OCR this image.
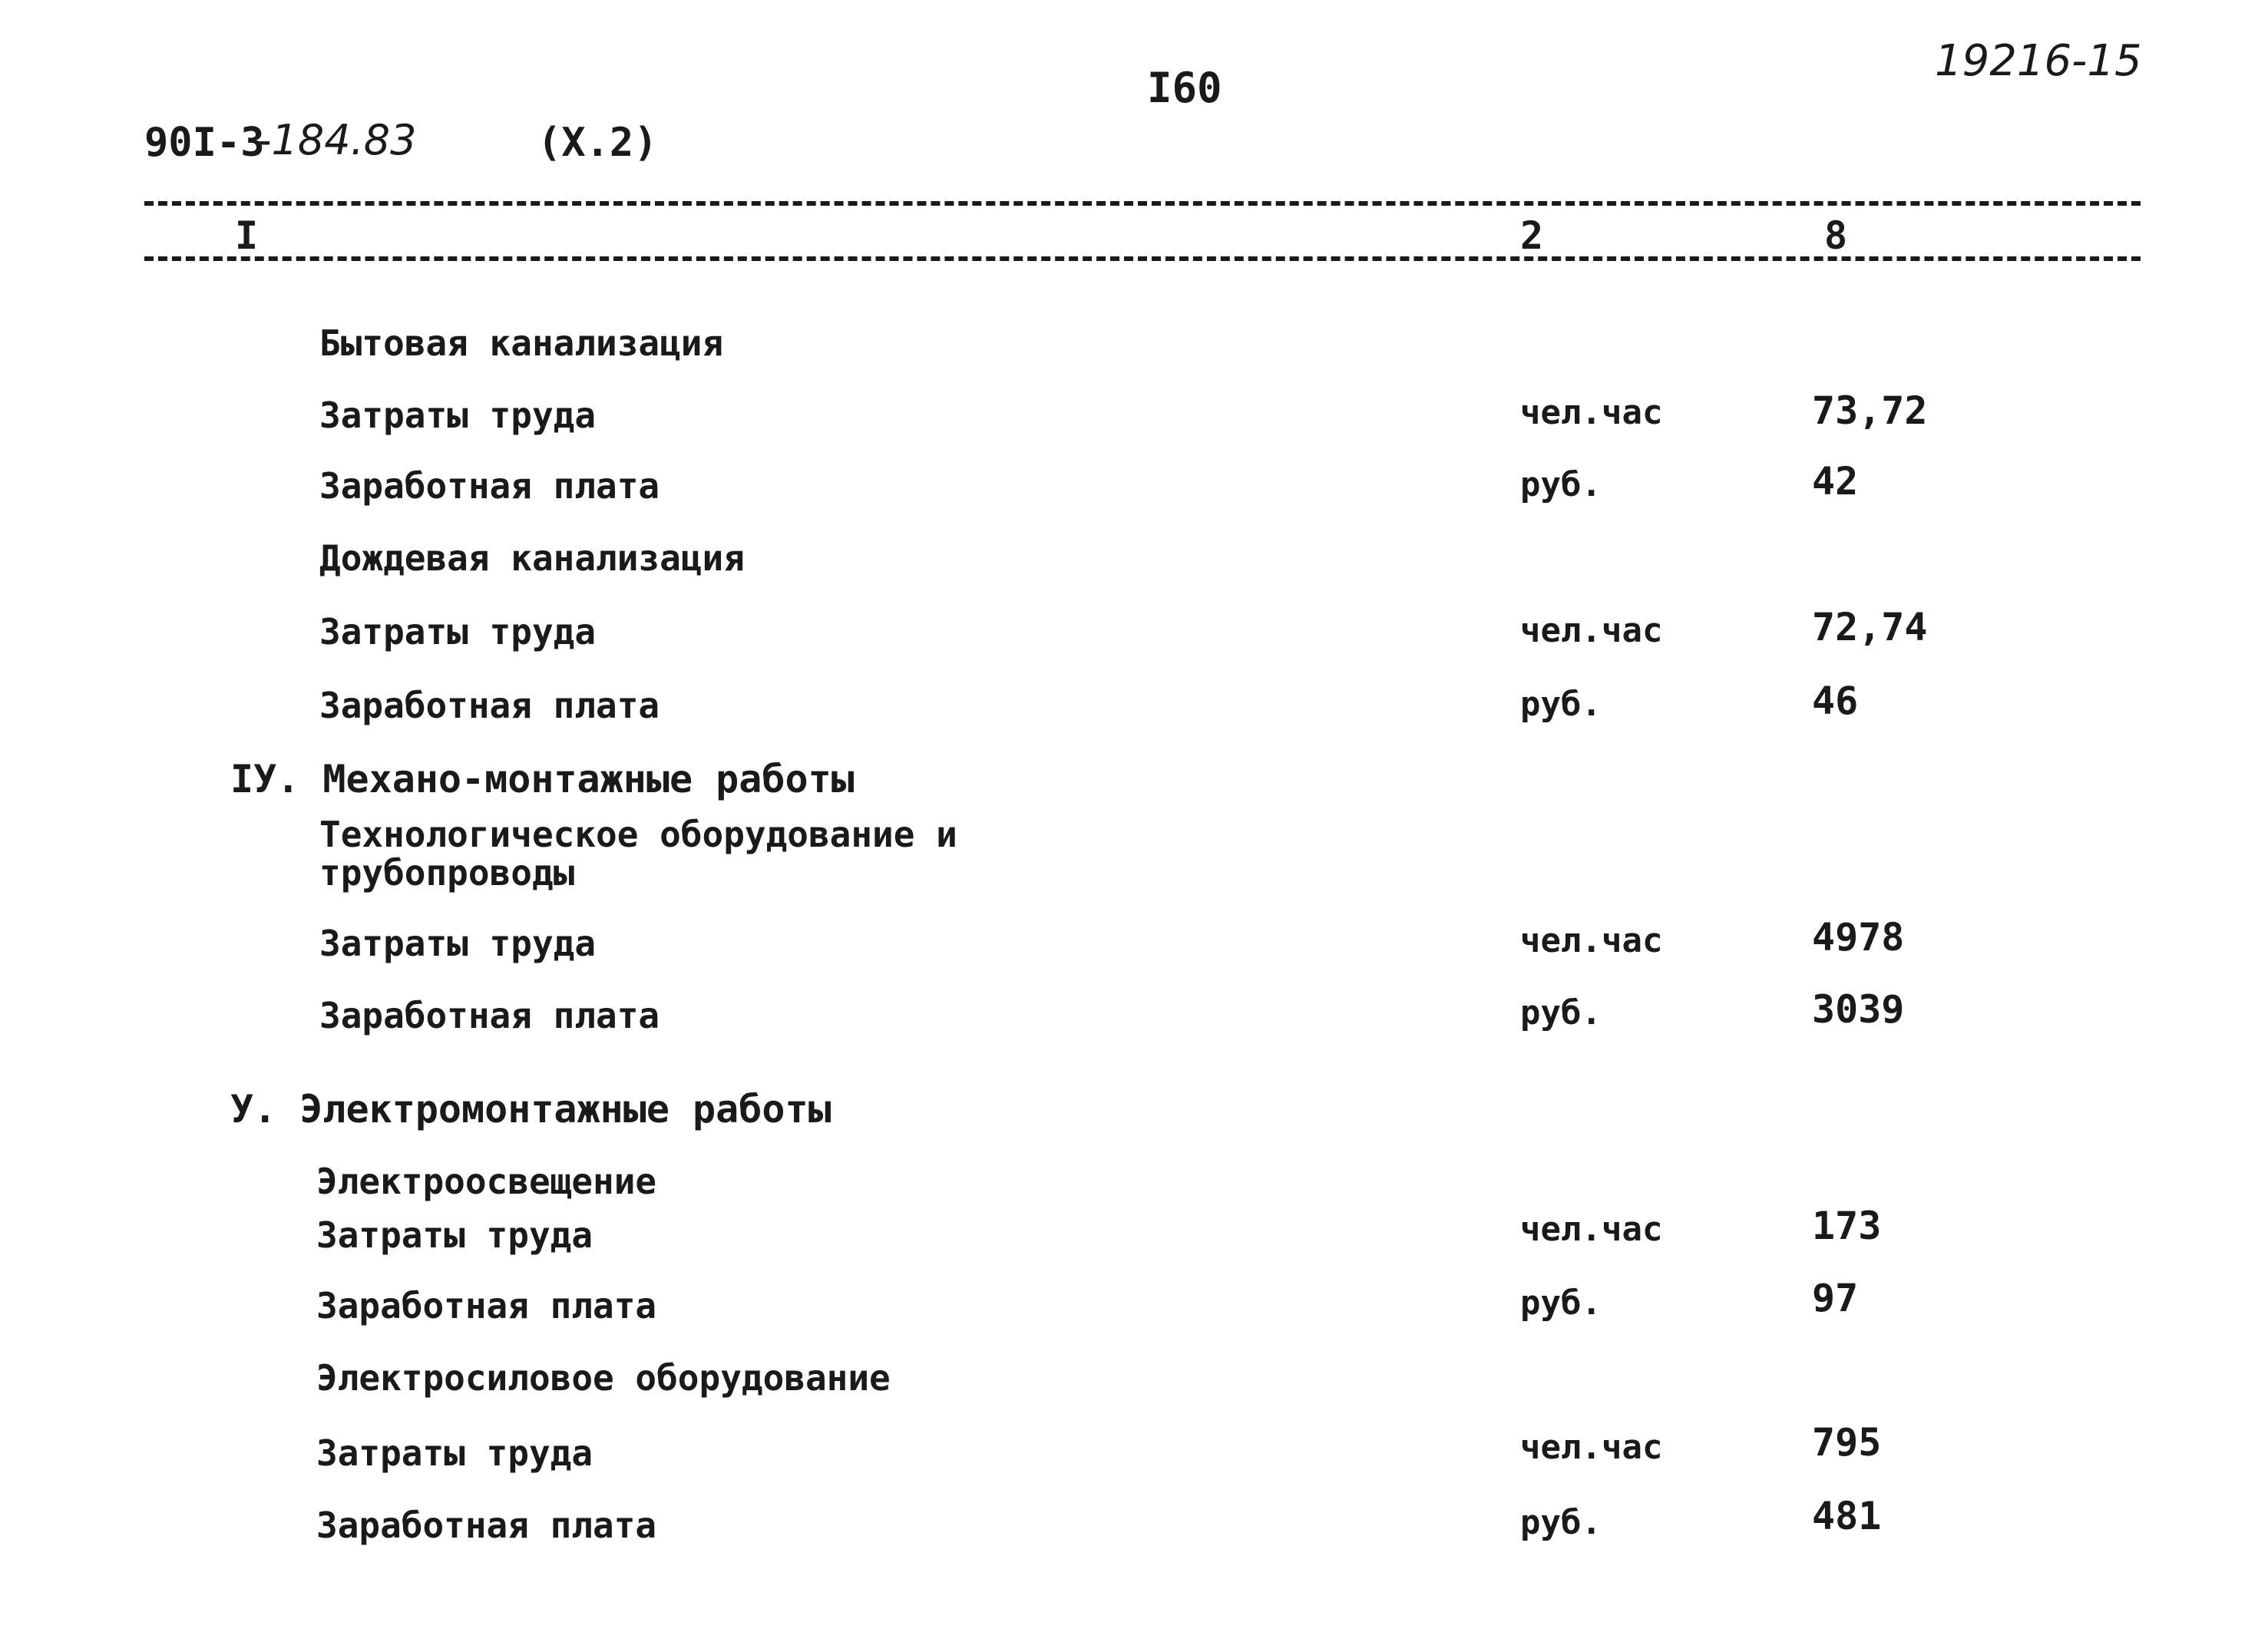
I60
19216-15
90I-3
-184.83	(X.2)
I	2	8
Бытовая канализация
Затраты труда	чел.час	73,72
Заработная плата	руб.	42
Дождевая канализация
Затраты труда	чел.час	72,74
Заработная плата	руб.	46
IУ. Механо-монтажные работы
Технологическое оборудование и
трубопроводы
Затраты труда	чел.час	4978
Заработная плата	руб.	3039
У. Электромонтажные работы
Электроосвещение
Затраты труда	чел.час	173
Заработная плата	руб.	97
Электросиловое оборудование
Затраты труда	чел.час	795
Заработная плата	руб.	481
